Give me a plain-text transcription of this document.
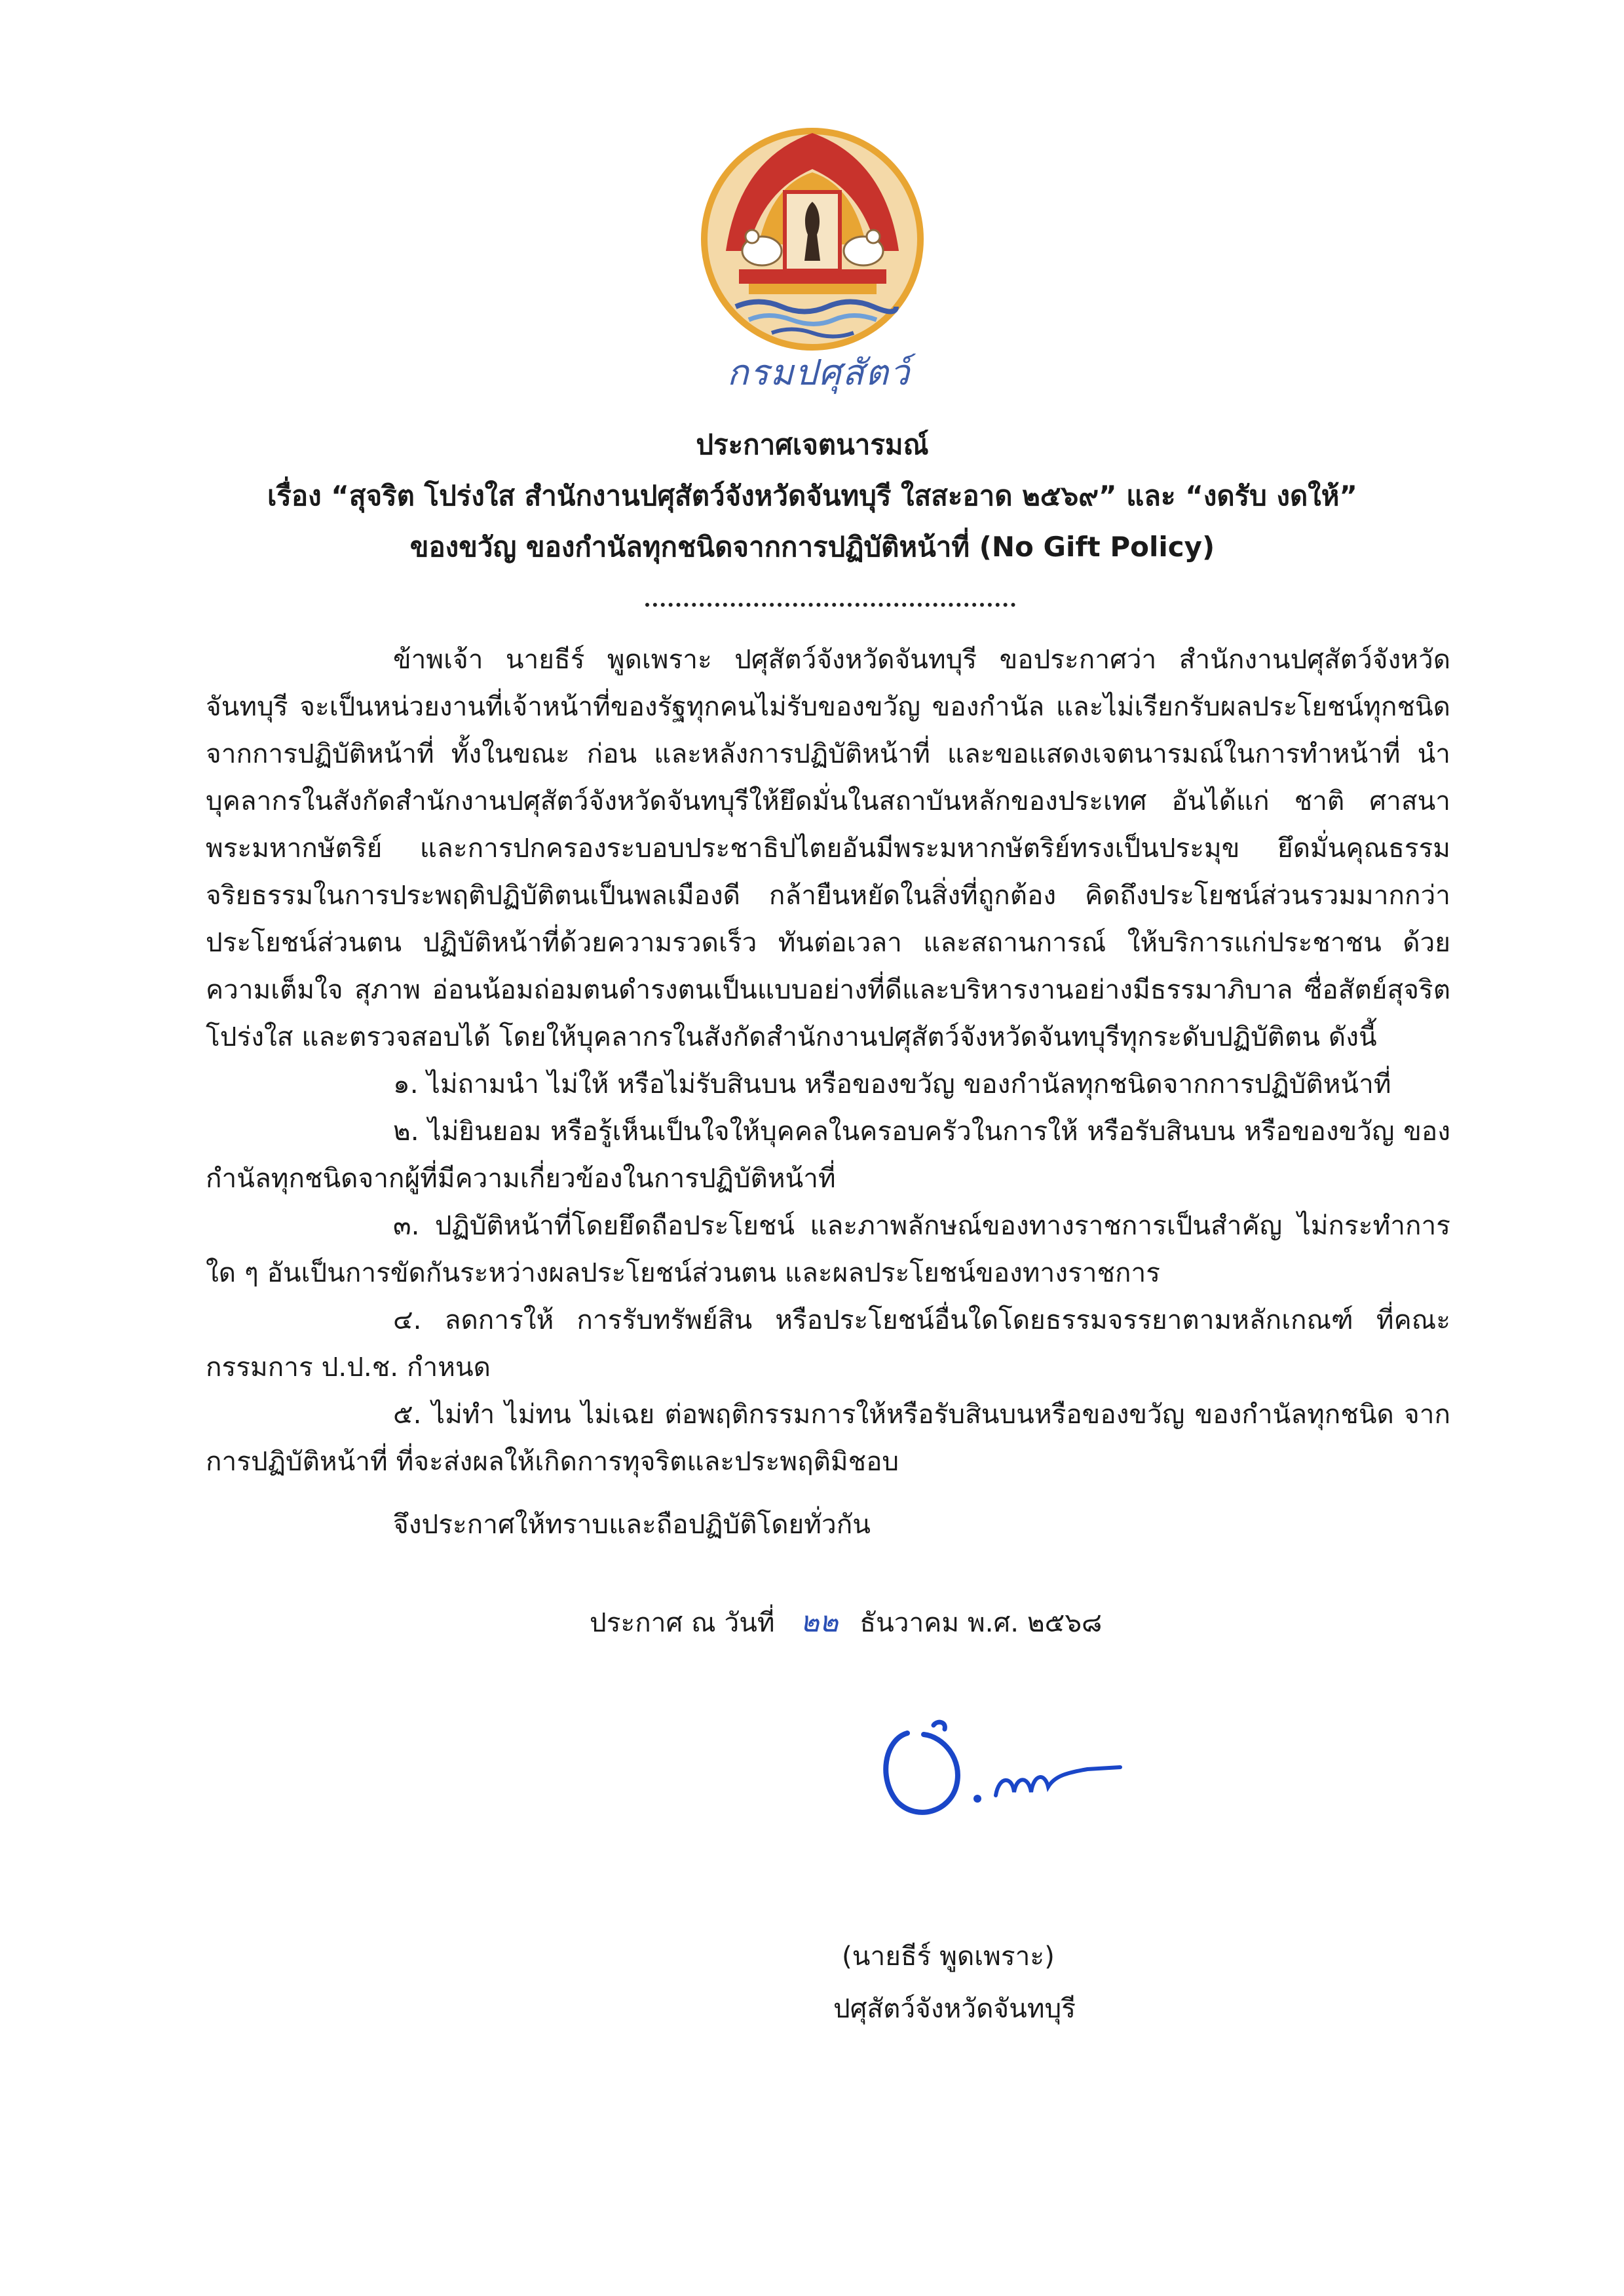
กรมปศุสัตว์
ประกาศเจตนารมณ์
เรื่อง “สุจริต โปร่งใส สำนักงานปศุสัตว์จังหวัดจันทบุรี ใสสะอาด ๒๕๖๙” และ “งดรับ งดให้”
ของขวัญ ของกำนัลทุกชนิดจากการปฏิบัติหน้าที่ (No Gift Policy)

ข้าพเจ้า นายธีร์ พูดเพราะ ปศุสัตว์จังหวัดจันทบุรี ขอประกาศว่า สำนักงานปศุสัตว์จังหวัดจันทบุรี จะเป็นหน่วยงานที่เจ้าหน้าที่ของรัฐทุกคนไม่รับของขวัญ ของกำนัล และไม่เรียกรับผลประโยชน์ทุกชนิด จากการปฏิบัติหน้าที่ ทั้งในขณะ ก่อน และหลังการปฏิบัติหน้าที่ และขอแสดงเจตนารมณ์ในการทำหน้าที่ นำบุคลากรในสังกัดสำนักงานปศุสัตว์จังหวัดจันทบุรีให้ยึดมั่นในสถาบันหลักของประเทศ อันได้แก่ ชาติ ศาสนา พระมหากษัตริย์ และการปกครองระบอบประชาธิปไตยอันมีพระมหากษัตริย์ทรงเป็นประมุข ยึดมั่นคุณธรรม จริยธรรมในการประพฤติปฏิบัติตนเป็นพลเมืองดี กล้ายืนหยัดในสิ่งที่ถูกต้อง คิดถึงประโยชน์ส่วนรวมมากกว่า ประโยชน์ส่วนตน ปฏิบัติหน้าที่ด้วยความรวดเร็ว ทันต่อเวลา และสถานการณ์ ให้บริการแก่ประชาชน ด้วยความเต็มใจ สุภาพ อ่อนน้อมถ่อมตนดำรงตนเป็นแบบอย่างที่ดีและบริหารงานอย่างมีธรรมาภิบาล ซื่อสัตย์สุจริต โปร่งใส และตรวจสอบได้ โดยให้บุคลากรในสังกัดสำนักงานปศุสัตว์จังหวัดจันทบุรีทุกระดับปฏิบัติตน ดังนี้

๑. ไม่ถามนำ ไม่ให้ หรือไม่รับสินบน หรือของขวัญ ของกำนัลทุกชนิดจากการปฏิบัติหน้าที่

๒. ไม่ยินยอม หรือรู้เห็นเป็นใจให้บุคคลในครอบครัวในการให้ หรือรับสินบน หรือของขวัญ ของกำนัลทุกชนิดจากผู้ที่มีความเกี่ยวข้องในการปฏิบัติหน้าที่

๓. ปฏิบัติหน้าที่โดยยึดถือประโยชน์ และภาพลักษณ์ของทางราชการเป็นสำคัญ ไม่กระทำการใด ๆ อันเป็นการขัดกันระหว่างผลประโยชน์ส่วนตน และผลประโยชน์ของทางราชการ

๔. ลดการให้ การรับทรัพย์สิน หรือประโยชน์อื่นใดโดยธรรมจรรยาตามหลักเกณฑ์ ที่คณะกรรมการ ป.ป.ช. กำหนด

๕. ไม่ทำ ไม่ทน ไม่เฉย ต่อพฤติกรรมการให้หรือรับสินบนหรือของขวัญ ของกำนัลทุกชนิด จากการปฏิบัติหน้าที่ ที่จะส่งผลให้เกิดการทุจริตและประพฤติมิชอบ

จึงประกาศให้ทราบและถือปฏิบัติโดยทั่วกัน

ประกาศ ณ วันที่ ๒๒ ธันวาคม พ.ศ. ๒๕๖๘
(นายธีร์ พูดเพราะ)
ปศุสัตว์จังหวัดจันทบุรี
